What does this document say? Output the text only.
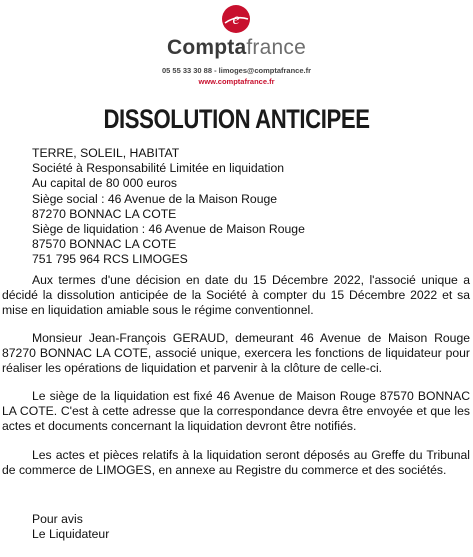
e
Comptafrance
05 55 33 30 88 - limoges@comptafrance.fr
www.comptafrance.fr
DISSOLUTION ANTICIPEE
TERRE, SOLEIL, HABITAT
Société à Responsabilité Limitée en liquidation
Au capital de 80 000 euros
Siège social : 46 Avenue de la Maison Rouge
87270 BONNAC LA COTE
Siège de liquidation : 46 Avenue de Maison Rouge
87570 BONNAC LA COTE
751 795 964 RCS LIMOGES
Aux termes d'une décision en date du 15 Décembre 2022, l'associé unique a décidé la dissolution anticipée de la Société à compter du 15 Décembre 2022 et sa mise en liquidation amiable sous le régime conventionnel.
Monsieur Jean-François GERAUD, demeurant 46 Avenue de Maison Rouge 87270 BONNAC LA COTE, associé unique, exercera les fonctions de liquidateur pour réaliser les opérations de liquidation et parvenir à la clôture de celle-ci.
Le siège de la liquidation est fixé 46 Avenue de Maison Rouge 87570 BONNAC LA COTE. C'est à cette adresse que la correspondance devra être envoyée et que les actes et documents concernant la liquidation devront être notifiés.
Les actes et pièces relatifs à la liquidation seront déposés au Greffe du Tribunal de commerce de LIMOGES, en annexe au Registre du commerce et des sociétés.
Pour avis
Le Liquidateur
